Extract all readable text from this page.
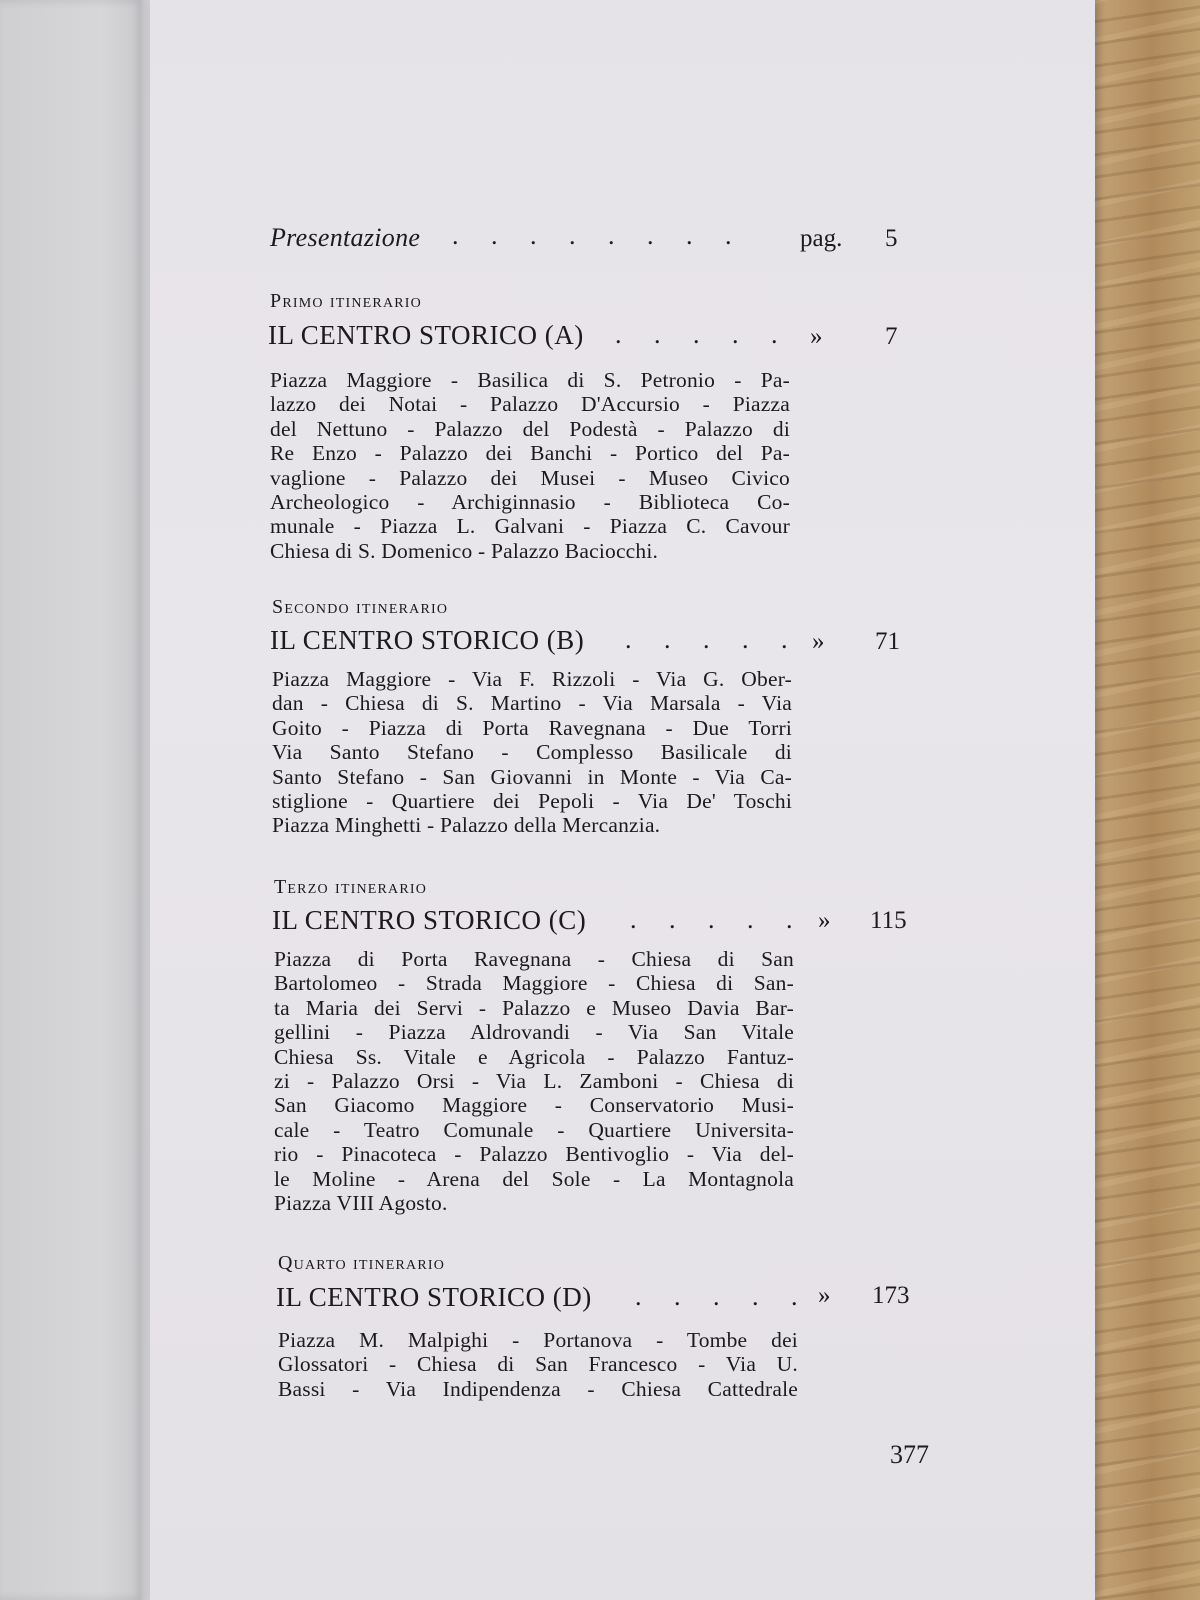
Presentazione . . . . . . . . pag. 5
Primo itinerario
IL CENTRO STORICO (A) . . . . . »	7
Piazza Maggiore - Basilica di S. Petronio - Pa-
lazzo dei Notai - Palazzo D'Accursio - Piazza
del Nettuno - Palazzo del Podestà - Palazzo di
Re Enzo - Palazzo dei Banchi - Portico del Pa-
vaglione - Palazzo dei Musei - Museo Civico
Archeologico - Archiginnasio - Biblioteca Co-
munale - Piazza L. Galvani - Piazza C. Cavour
Chiesa di S. Domenico - Palazzo Baciocchi.
Secondo itinerario
IL CENTRO STORICO (B) . . . . . » 71
Piazza Maggiore - Via F. Rizzoli - Via G. Ober-
dan - Chiesa di S. Martino - Via Marsala - Via
Goito - Piazza di Porta Ravegnana - Due Torri
Via Santo Stefano - Complesso Basilicale di
Santo Stefano - San Giovanni in Monte - Via Ca-
stiglione - Quartiere dei Pepoli - Via De' Toschi
Piazza Minghetti - Palazzo della Mercanzia.
Terzo itinerario
IL CENTRO STORICO (C) . . . . . » 115
Piazza di Porta Ravegnana - Chiesa di San
Bartolomeo - Strada Maggiore - Chiesa di San-
ta Maria dei Servi - Palazzo e Museo Davia Bar-
gellini - Piazza Aldrovandi - Via San Vitale
Chiesa Ss. Vitale e Agricola - Palazzo Fantuz-
zi - Palazzo Orsi - Via L. Zamboni - Chiesa di
San Giacomo Maggiore - Conservatorio Musi-
cale - Teatro Comunale - Quartiere Universita-
rio - Pinacoteca - Palazzo Bentivoglio - Via del-
le Moline - Arena del Sole - La Montagnola
Piazza VIII Agosto.
Quarto itinerario
IL CENTRO STORICO (D) . . . . . » 173
Piazza M. Malpighi - Portanova - Tombe dei
Glossatori - Chiesa di San Francesco - Via U.
Bassi - Via Indipendenza - Chiesa Cattedrale
377
